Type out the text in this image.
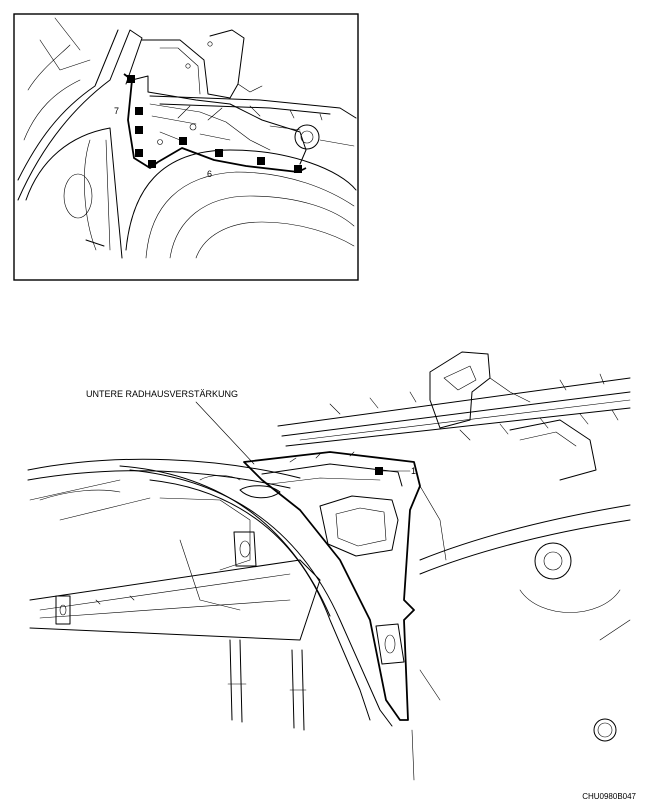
7
6
UNTERE RADHAUSVERSTÄRKUNG
1
CHU0980B047
